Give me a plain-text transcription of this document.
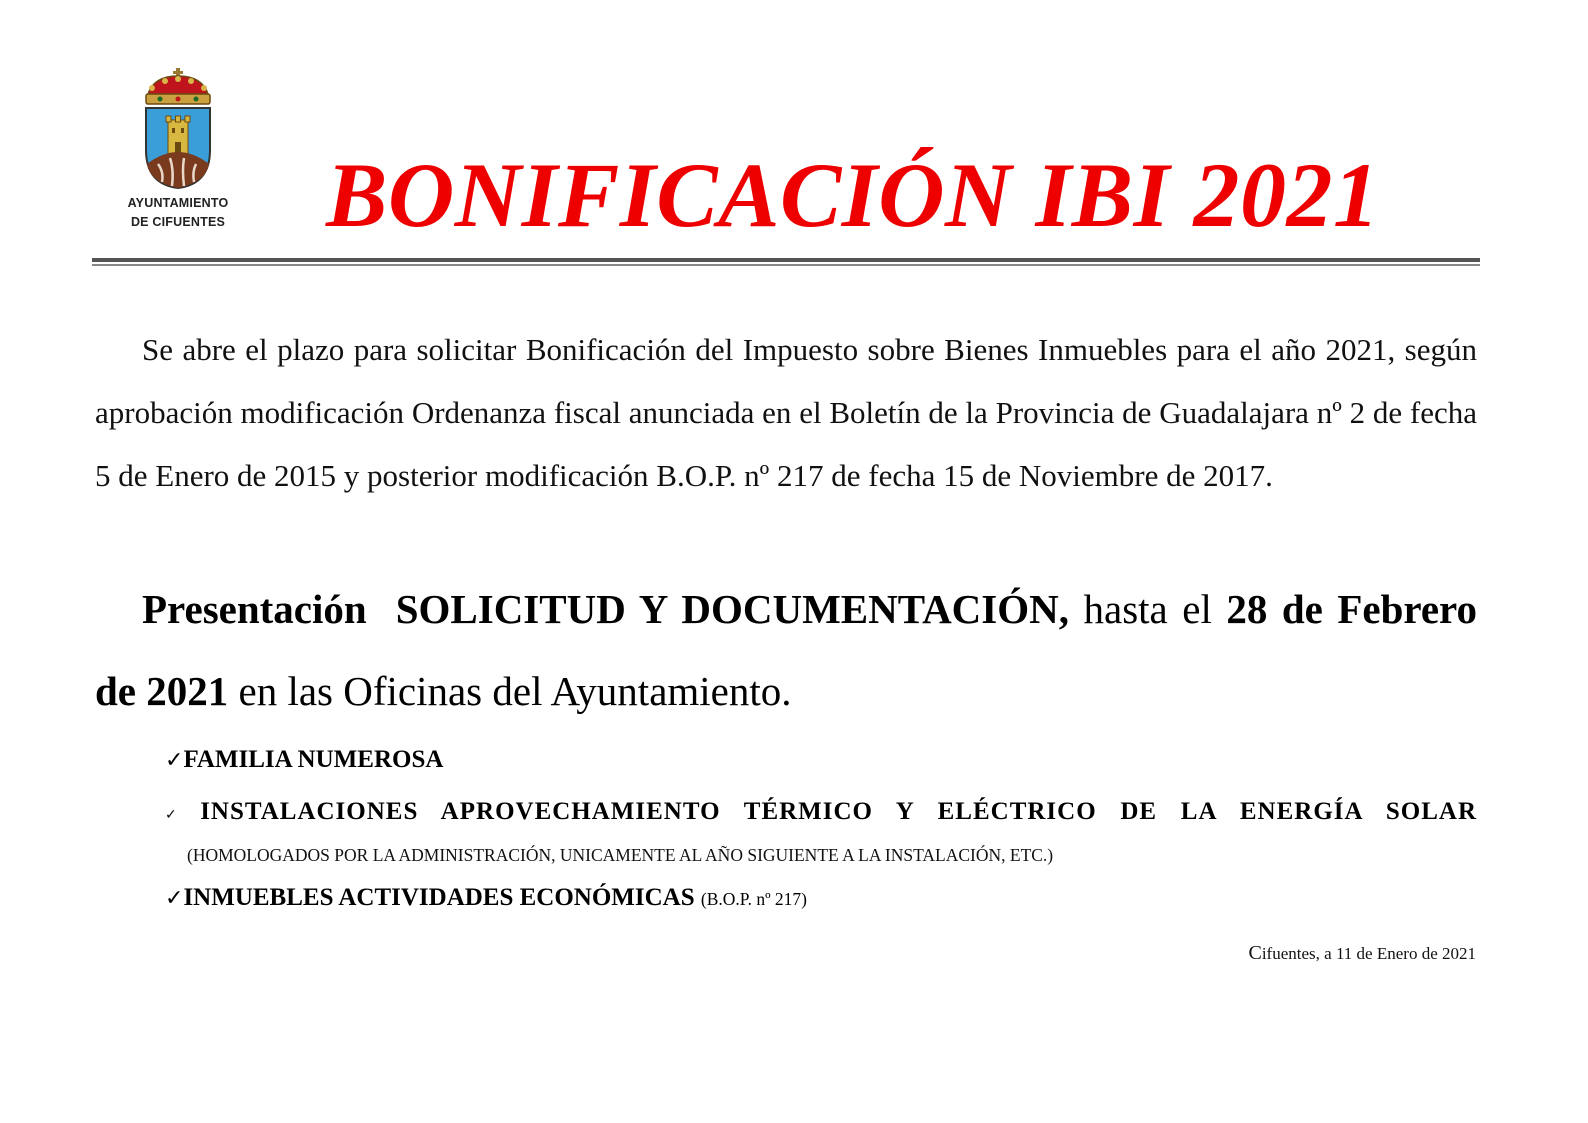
AYUNTAMIENTO
DE CIFUENTES BONIFICACIÓN IBI 2021

Se abre el plazo para solicitar Bonificación del Impuesto sobre Bienes Inmuebles para el año 2021, según aprobación modificación Ordenanza fiscal anunciada en el Boletín de la Provincia de Guadalajara nº 2 de fecha 5 de Enero de 2015 y posterior modificación B.O.P. nº 217 de fecha 15 de Noviembre de 2017.

Presentación SOLICITUD Y DOCUMENTACIÓN, hasta el 28 de Febrero de 2021 en las Oficinas del Ayuntamiento.

✓FAMILIA NUMEROSA
✓ INSTALACIONES APROVECHAMIENTO TÉRMICO Y ELÉCTRICO DE LA ENERGÍA SOLAR
(HOMOLOGADOS POR LA ADMINISTRACIÓN, UNICAMENTE AL AÑO SIGUIENTE A LA INSTALACIÓN, ETC.)
✓INMUEBLES ACTIVIDADES ECONÓMICAS (B.O.P. nº 217)
Cifuentes, a 11 de Enero de 2021
